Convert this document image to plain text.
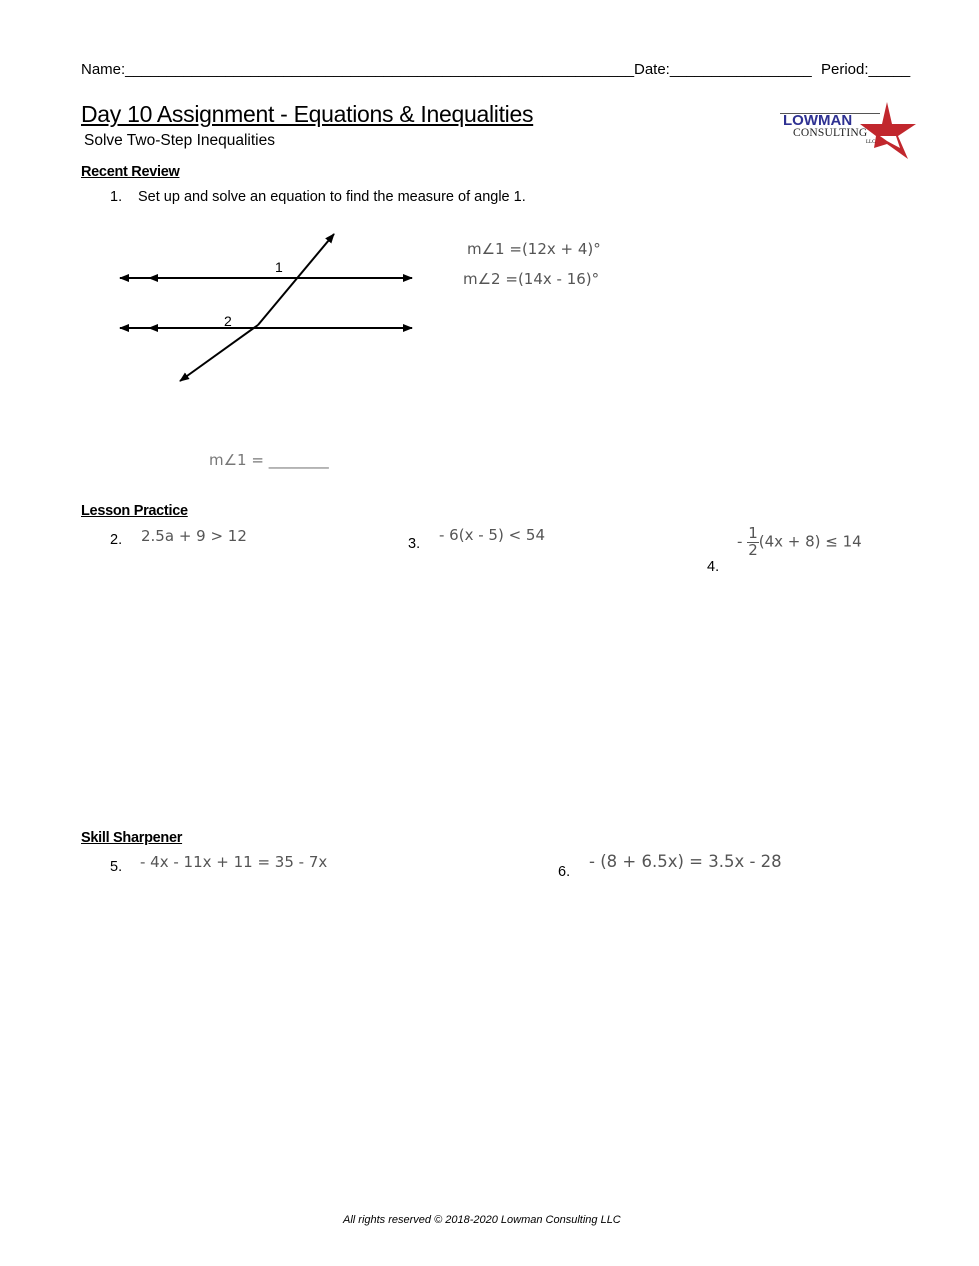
Name:_____________________________________________________________ Date:_________________ Period:_____
Day 10 Assignment - Equations & Inequalities
Solve Two-Step Inequalities
LOWMAN
CONSULTING
LLC
Recent Review
1. Set up and solve an equation to find the measure of angle 1.
1
2
m∠1 =(12x + 4)°
m∠2 =(14x - 16)°
m∠1 = ________
Lesson Practice
2. 2.5a + 9 > 12	3. - 6(x - 5) < 54
4.
- $\frac{1}{2} (4x + 8) \le 14$
Skill Sharpener
5. - 4x - 11x + 11 = 35 - 7x
6.
- (8 + 6.5x) = 3.5x - 28
All rights reserved © 2018-2020 Lowman Consulting LLC
